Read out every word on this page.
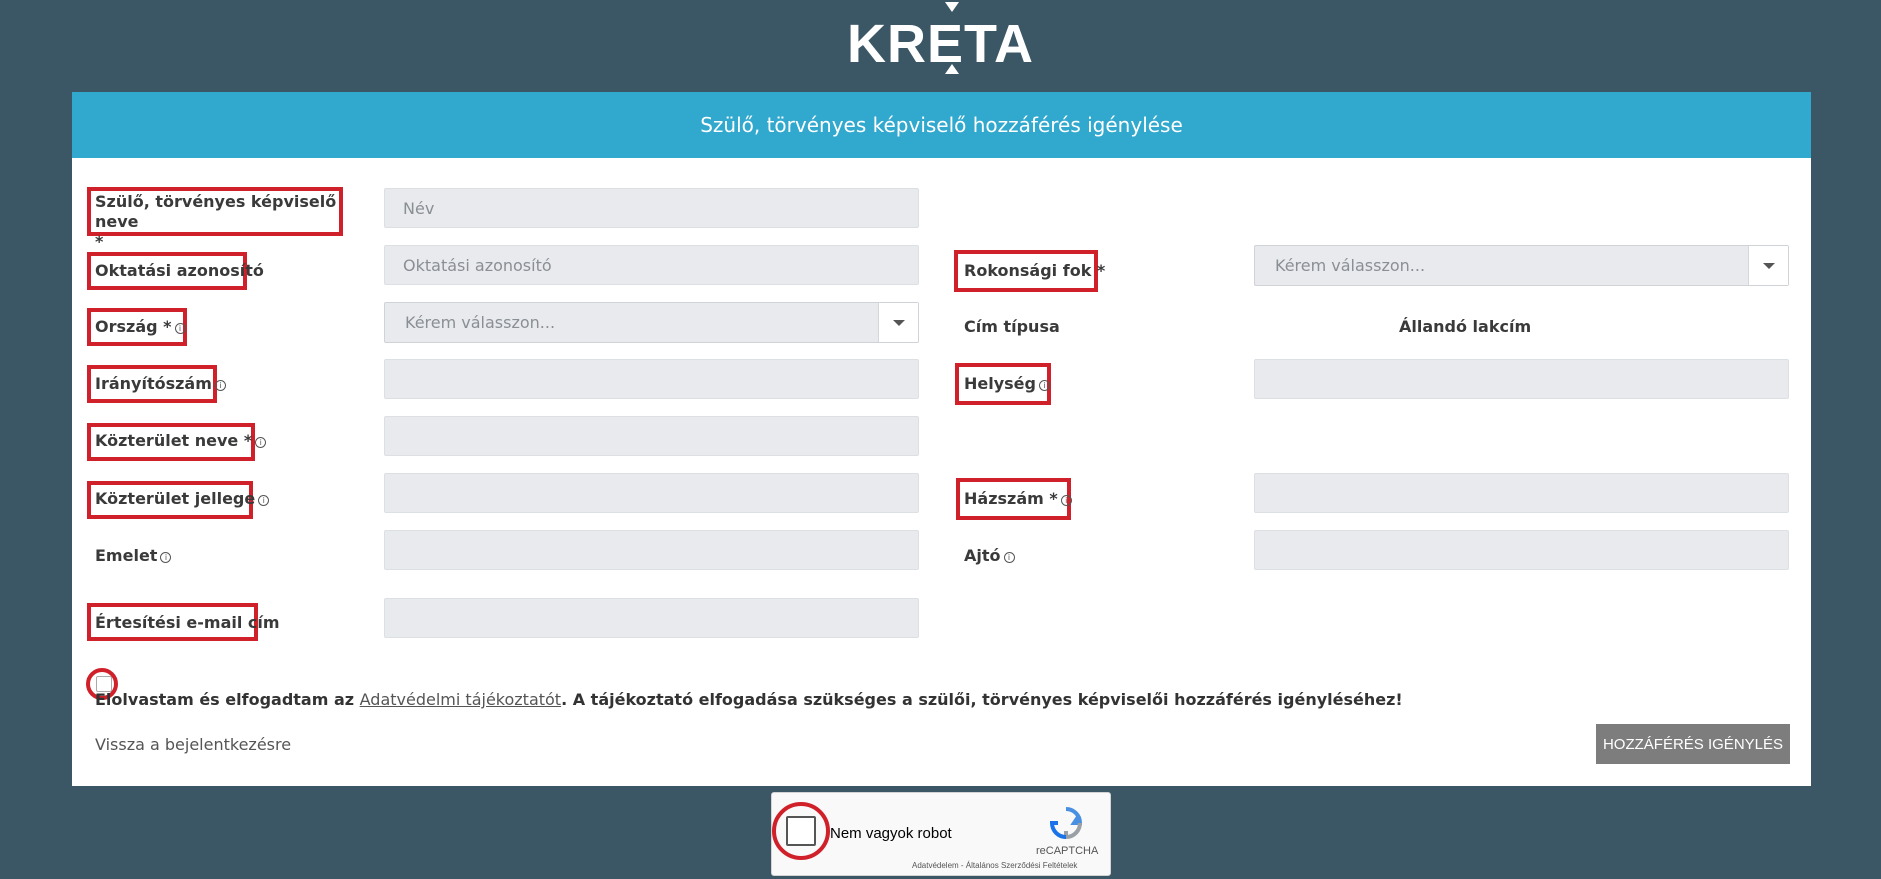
KRETA
Szülő, törvényes képviselő hozzáférés igénylése
Szülő, törvényes képviselő neve
*
Név
Oktatási azonosító	Oktatási azonosító	Rokonsági fok *	Kérem válasszon...
Ország * i	Kérem válasszon...	Cím típusa	Állandó lakcím
Irányítószám i	Helység i
Közterület neve * i
Közterület jellege i	Házszám * i
Emelet i	Ajtó i
Értesítési e-mail cím
Elolvastam és elfogadtam az Adatvédelmi tájékoztatót. A tájékoztató elfogadása szükséges a szülői, törvényes képviselői hozzáférés igényléséhez!
Vissza a bejelentkezésre	HOZZÁFÉRÉS IGÉNYLÉS
Nem vagyok robot
reCAPTCHA
Adatvédelem - Általános Szerződési Feltételek
